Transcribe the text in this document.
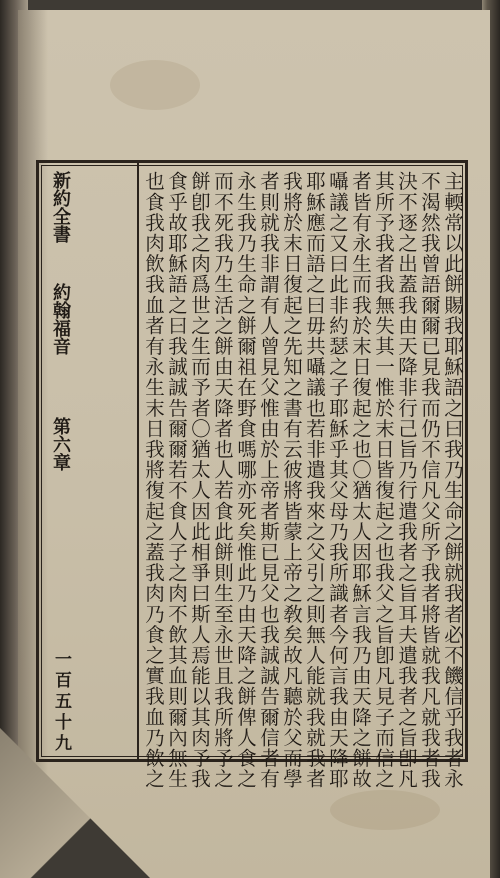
新約全書
約翰福音
第六章
一百五十九	主輭常以此餅賜我耶穌語之曰我乃生命之餅就我者必不饑信乎我者永
不渴然我曾語爾爾已見我而仍不信凡父所予我者將皆就我凡就我者我
決不逐之出蓋我由天降非行己旨乃行遣我者之旨耳夫遣我者之旨卽凡
其所予我者我無失其一惟於末日皆復起之也我父之旨卽凡見子而信之
者皆有永生而我於末日復起之也〇猶太人因耶穌言我乃由天降之餅故
囁議之又曰此非約瑟之子耶穌乎其父母乃我所識者今何言我由天降耶
耶穌應而語之曰毋共囁議也若非遣我來之父引之則無人能就我就我者
我將於末日復起之先知之書有云彼將皆蒙上帝之敎矣故凡聽於父而學
者則就我非謂有人曾見父惟由於上帝者斯已見父也我誠誠告爾信者有
永生我乃生命之餅爾祖在野食嗎哪亦死矣惟此乃由天降之餅俾人食之
而不死我乃生活之餅由天降者也人若食此餅則生至永世且我所將予之
餅卽我之肉爲世之生而予者〇猶太人因此相爭曰斯人焉能以其肉予我
食乎故耶穌語之曰我誠誠告爾爾若不食人子之肉不飲其血則爾內無生
也食我肉飲我血者有永生末日我將復起之蓋我肉乃食之實我血乃飲之
